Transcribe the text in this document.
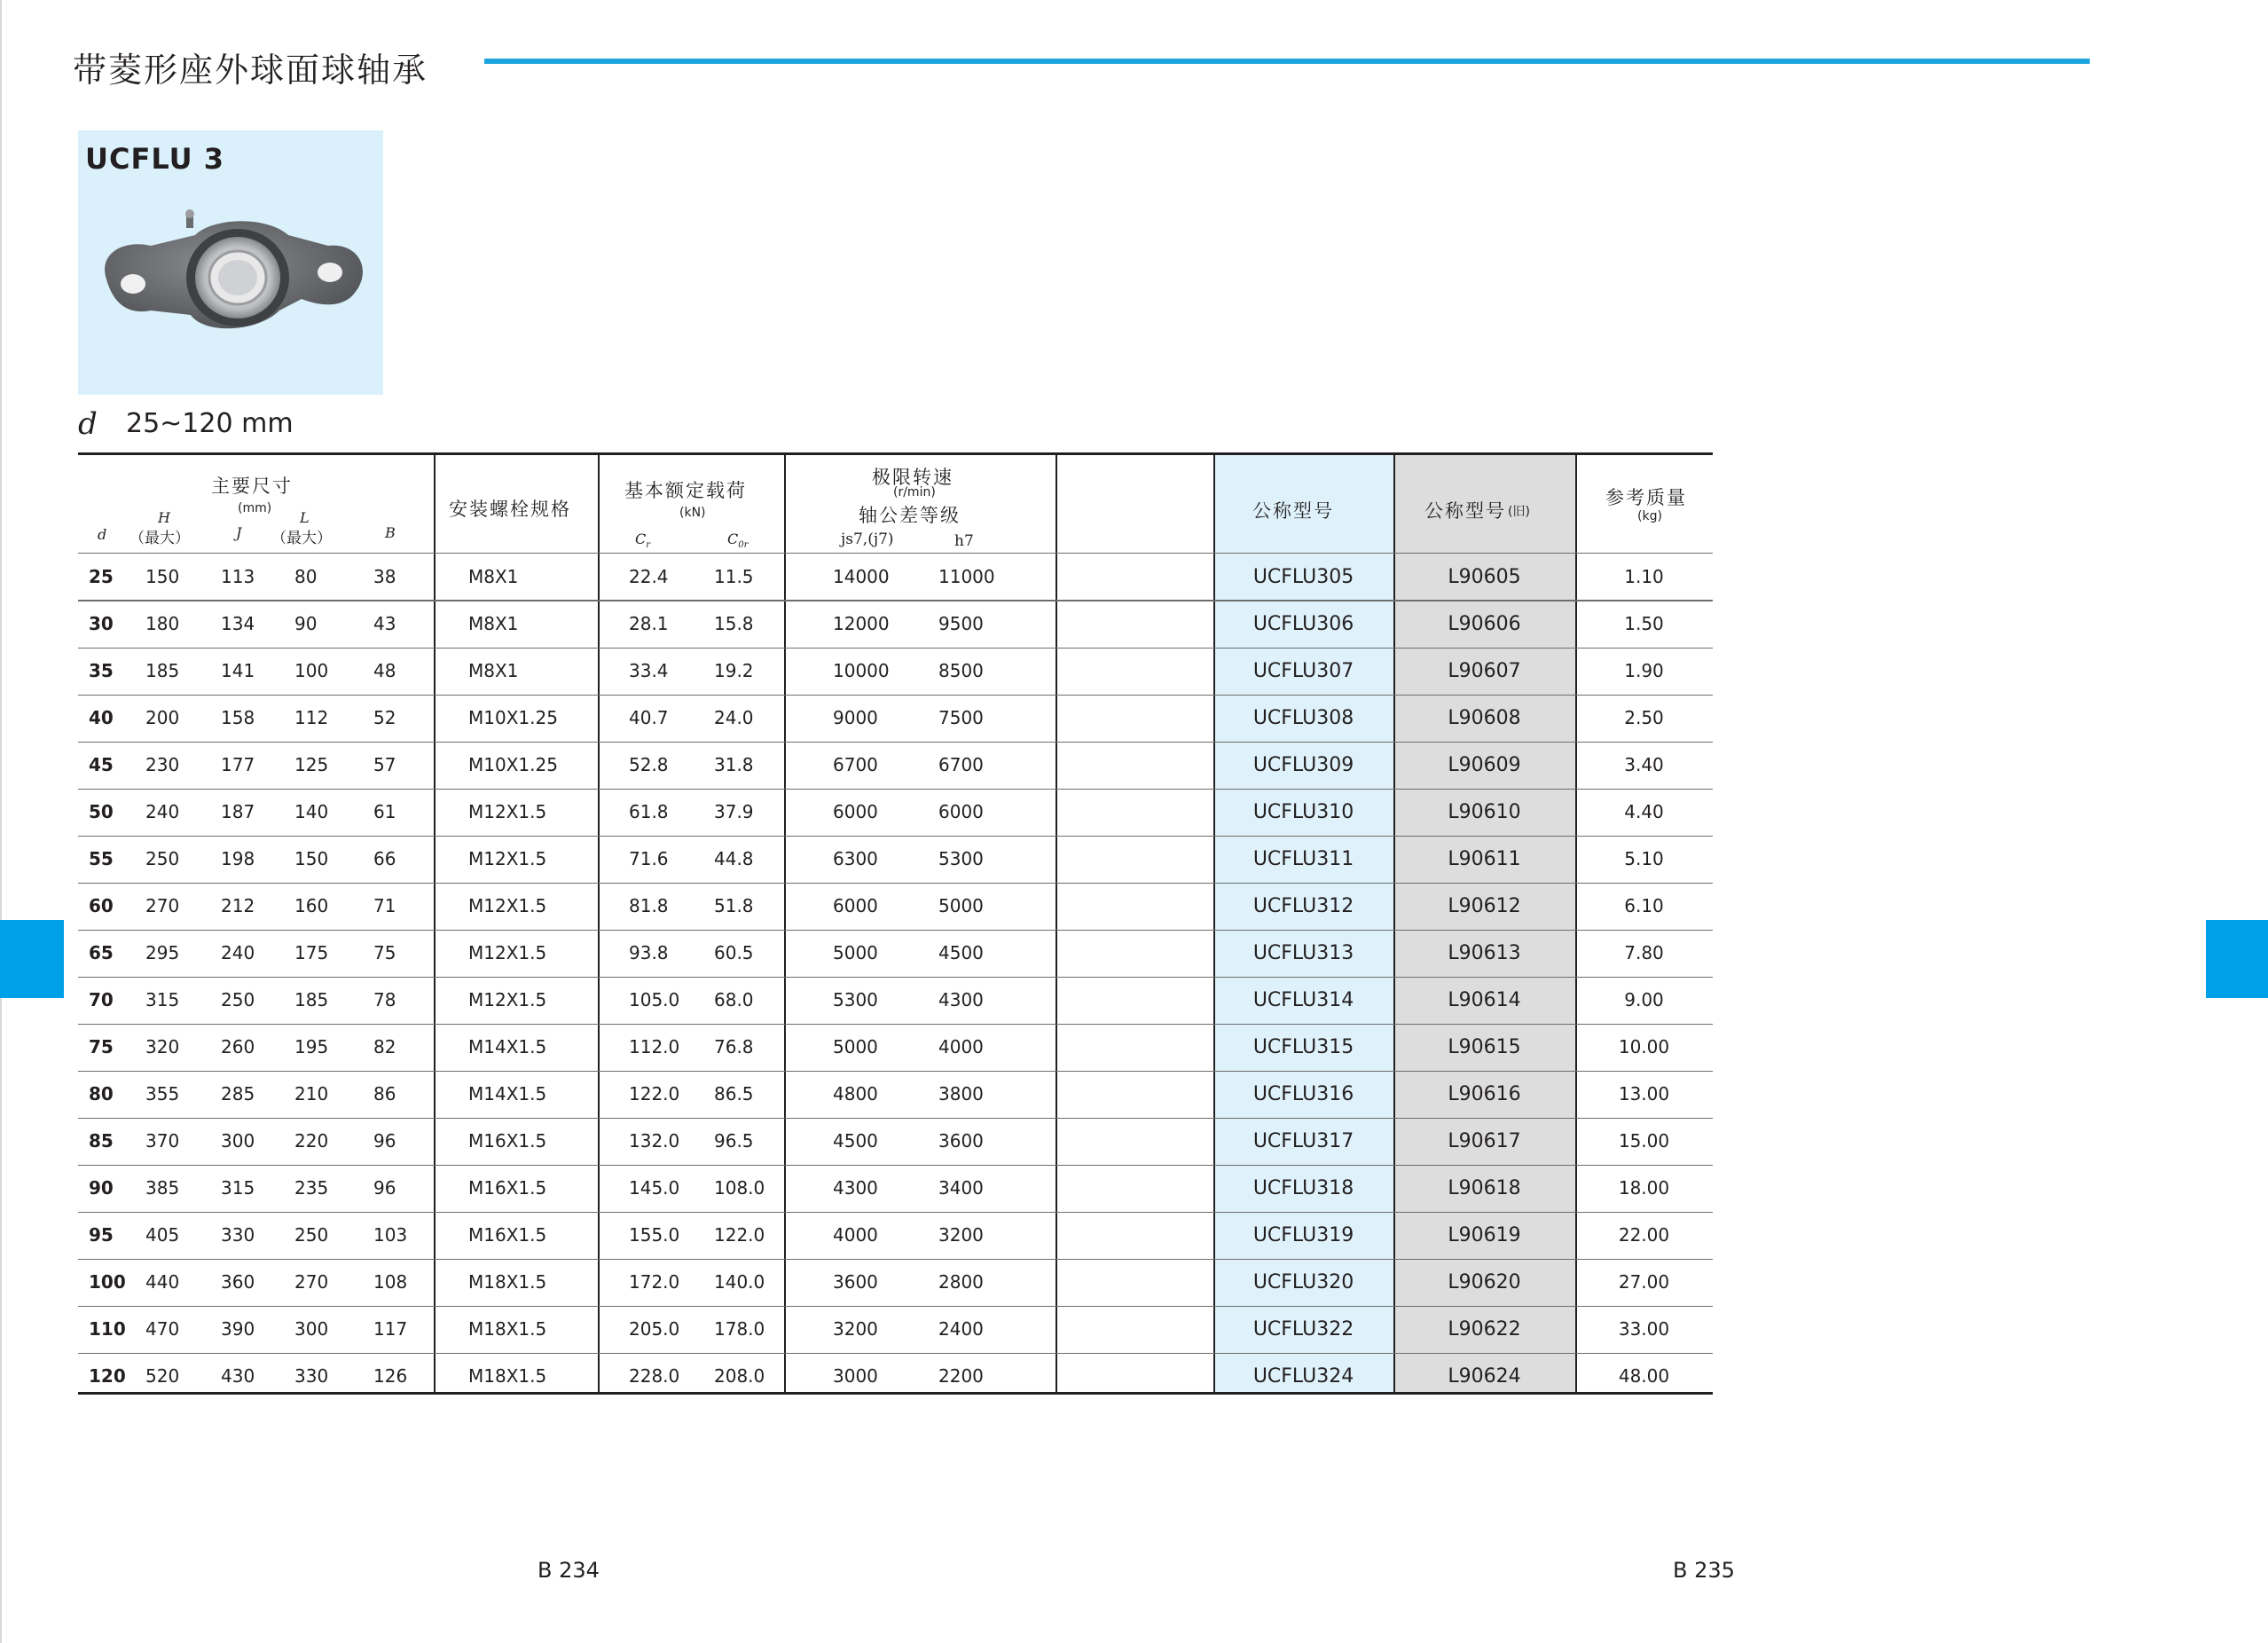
带菱形座外球面球轴承
UCFLU 3
d 25~120 mm
主要尺寸
(mm)
H	L
d （最大）	J （最大）	B
安装螺栓规格
基本额定载荷
(kN)
$C_r$	$C_{0r}$
极限转速
(r/min)
轴公差等级
js7,(j7)	h7
公称型号	公称型号 (旧)
参考质量
(kg)
25 150 113 80	38	M8X1	22.4	11.5	14000	11000	UCFLU305	L90605	1.10
30 180 134 90	43	M8X1	28.1	15.8	12000	9500	UCFLU306	L90606	1.50
35 185 141 100	48	M8X1	33.4	19.2	10000	8500	UCFLU307	L90607	1.90
40 200 158 112	52	M10X1.25	40.7	24.0	9000	7500	UCFLU308	L90608	2.50
45 230 177 125	57	M10X1.25	52.8	31.8	6700	6700	UCFLU309	L90609	3.40
50 240 187 140	61	M12X1.5	61.8	37.9	6000	6000	UCFLU310	L90610	4.40
55 250 198 150	66	M12X1.5	71.6	44.8	6300	5300	UCFLU311	L90611	5.10
60 270 212 160	71	M12X1.5	81.8	51.8	6000	5000	UCFLU312	L90612	6.10
65 295 240 175	75	M12X1.5	93.8	60.5	5000	4500	UCFLU313	L90613	7.80
70 315 250 185	78	M12X1.5	105.0 68.0	5300	4300	UCFLU314	L90614	9.00
75 320 260 195	82	M14X1.5	112.0 76.8	5000	4000	UCFLU315	L90615	10.00
80 355 285 210	86	M14X1.5	122.0 86.5	4800	3800	UCFLU316	L90616	13.00
85 370 300 220	96	M16X1.5	132.0 96.5	4500	3600	UCFLU317	L90617	15.00
90 385 315 235	96	M16X1.5	145.0 108.0	4300	3400	UCFLU318	L90618	18.00
95 405 330 250	103	M16X1.5	155.0 122.0	4000	3200	UCFLU319	L90619	22.00
100 440 360 270	108	M18X1.5	172.0 140.0	3600	2800	UCFLU320	L90620	27.00
110 470 390 300	117	M18X1.5	205.0 178.0	3200	2400	UCFLU322	L90622	33.00
120 520 430 330	126	M18X1.5	228.0 208.0	3000	2200	UCFLU324	L90624	48.00
B 234	B 235
